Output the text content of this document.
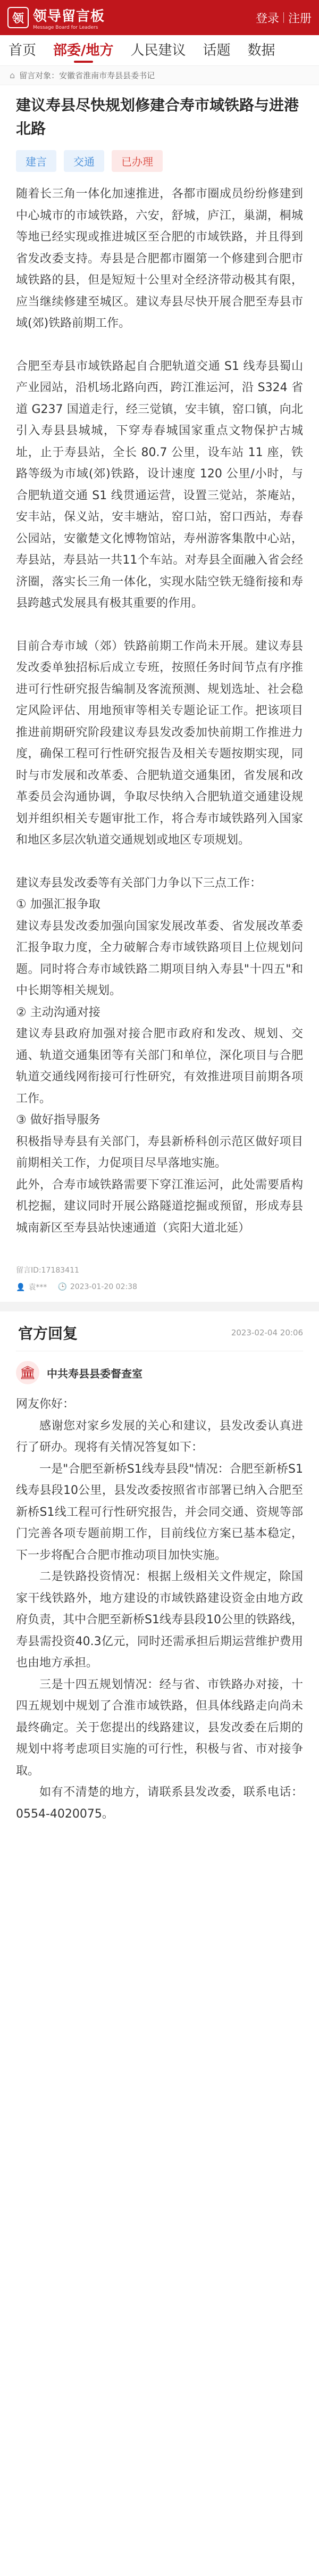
领 领导留言板
Message Board for Leaders
登录 注册
首页	部委/地方	人民建议	话题	数据
⌂ 留言对象：安徽省淮南市寿县县委书记
建议寿县尽快规划修建合寿市域铁路与进港北路
建言	交通	已办理

随着长三角一体化加速推进，各都市圈成员纷纷修建到中心城市的市域铁路，六安，舒城，庐江，巢湖，桐城等地已经实现或推进城区至合肥的市域铁路，并且得到省发改委支持。寿县是合肥都市圈第一个修建到合肥市域铁路的县，但是短短十公里对全经济带动极其有限，应当继续修建至城区。建议寿县尽快开展合肥至寿县市域(郊)铁路前期工作。

合肥至寿县市域铁路起自合肥轨道交通 S1 线寿县蜀山产业园站，沿机场北路向西，跨江淮运河，沿 S324 省道 G237 国道走行，经三觉镇，安丰镇，窑口镇，向北引入寿县县城城，下穿寿春城国家重点文物保护古城址，止于寿县站，全长 80.7 公里，设车站 11 座，铁路等级为市域(郊)铁路，设计速度 120 公里/小时，与合肥轨道交通 S1 线贯通运营，设置三觉站，茶庵站，安丰站，保义站，安丰塘站，窑口站，窑口西站，寿春公园站，安徽楚文化博物馆站，寿州游客集散中心站，寿县站，寿县站一共11个车站。对寿县全面融入省会经济圈，落实长三角一体化，实现水陆空铁无缝衔接和寿县跨越式发展具有极其重要的作用。

目前合寿市域（郊）铁路前期工作尚未开展。建议寿县发改委单独招标后成立专班，按照任务时间节点有序推进可行性研究报告编制及客流预测、规划选址、社会稳定风险评估、用地预审等相关专题论证工作。把该项目推进前期研究阶段建议寿县发改委加快前期工作推进力度，确保工程可行性研究报告及相关专题按期实现，同时与市发展和改革委、合肥轨道交通集团，省发展和改革委员会沟通协调，争取尽快纳入合肥轨道交通建设规划并组织相关专题审批工作，将合寿市域铁路列入国家和地区多层次轨道交通规划或地区专项规划。

建议寿县发改委等有关部门力争以下三点工作：
① 加强汇报争取
建议寿县发改委加强向国家发展改革委、省发展改革委汇报争取力度，全力破解合寿市域铁路项目上位规划问题。同时将合寿市域铁路二期项目纳入寿县"十四五"和中长期等相关规划。
② 主动沟通对接
建议寿县政府加强对接合肥市政府和发改、规划、交通、轨道交通集团等有关部门和单位，深化项目与合肥轨道交通线网衔接可行性研究，有效推进项目前期各项工作。
③ 做好指导服务
积极指导寿县有关部门，寿县新桥科创示范区做好项目前期相关工作，力促项目尽早落地实施。
此外，合寿市域铁路需要下穿江淮运河，此处需要盾构机挖掘，建议同时开展公路隧道挖掘或预留，形成寿县城南新区至寿县站快速通道（宾阳大道北延）

留言ID:17183411
👤 袁*** 🕒 2023-01-20 02:38
官方回复	2023-02-04 20:06
🏛	中共寿县县委督查室

网友你好：

感谢您对家乡发展的关心和建议，县发改委认真进行了研办。现将有关情况答复如下：

一是"合肥至新桥S1线寿县段"情况：合肥至新桥S1线寿县段10公里，县发改委按照省市部署已纳入合肥至新桥S1线工程可行性研究报告，并会同交通、资规等部门完善各项专题前期工作，目前线位方案已基本稳定，下一步将配合合肥市推动项目加快实施。

二是铁路投资情况：根据上级相关文件规定，除国家干线铁路外，地方建设的市域铁路建设资金由地方政府负责，其中合肥至新桥S1线寿县段10公里的铁路线，寿县需投资40.3亿元，同时还需承担后期运营维护费用也由地方承担。

三是十四五规划情况：经与省、市铁路办对接，十四五规划中规划了合淮市域铁路，但具体线路走向尚未最终确定。关于您提出的线路建议，县发改委在后期的规划中将考虑项目实施的可行性，积极与省、市对接争取。

如有不清楚的地方，请联系县发改委，联系电话：0554-4020075。
